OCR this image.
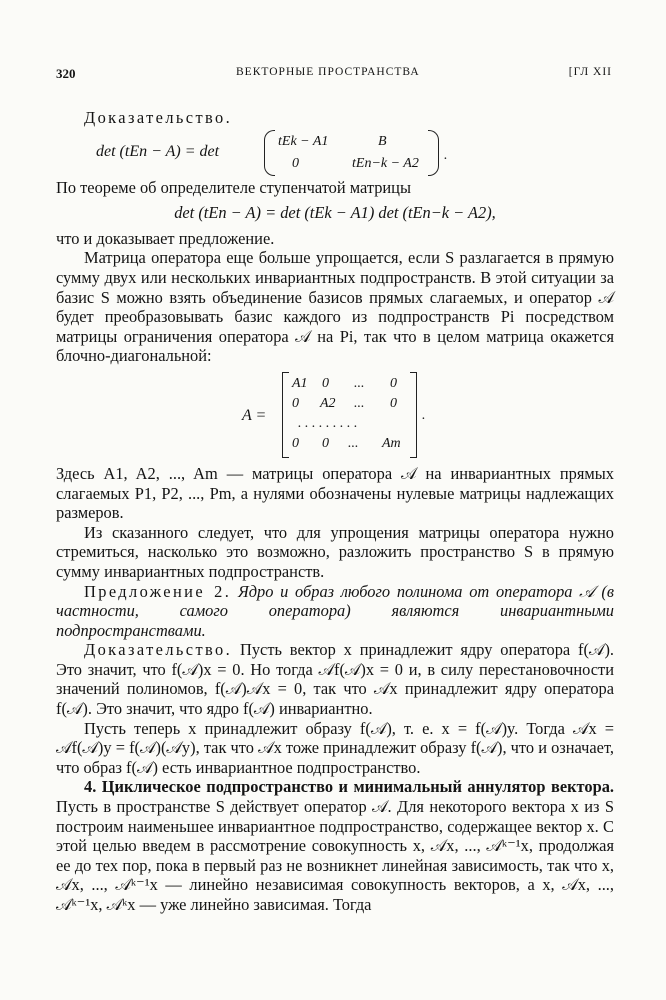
320	ВЕКТОРНЫЕ ПРОСТРАНСТВА	[ГЛ XII

Доказательство.

det (tEn − A) = det
tEk − A1	B
0	tEn−k − A2
.

По теореме об определителе ступенчатой матрицы

det (tEn − A) = det (tEk − A1) det (tEn−k − A2),

что и доказывает предложение.

Матрица оператора еще больше упрощается, если S разлагается в прямую сумму двух или нескольких инвариантных подпространств. В этой ситуации за базис S можно взять объединение базисов прямых слагаемых, и оператор 𝒜 будет преобразовывать базис каждого из подпространств Pi посредством матрицы ограничения оператора 𝒜 на Pi, так что в целом матрица окажется блочно-диагональной:

A =
A1 0 ... 0
0 A2 ... 0
. . . . . . . . .
0 0 ... Am
.

Здесь A1, A2, ..., Am — матрицы оператора 𝒜 на инвариантных прямых слагаемых P1, P2, ..., Pm, а нулями обозначены нулевые матрицы надлежащих размеров.

Из сказанного следует, что для упрощения матрицы оператора нужно стремиться, насколько это возможно, разложить пространство S в прямую сумму инвариантных подпространств.

Предложение 2. Ядро и образ любого полинома от оператора 𝒜 (в частности, самого оператора) являются инвариантными подпространствами.

Доказательство. Пусть вектор x принадлежит ядру оператора f(𝒜). Это значит, что f(𝒜)x = 0. Но тогда 𝒜f(𝒜)x = 0 и, в силу перестановочности значений полиномов, f(𝒜)𝒜x = 0, так что 𝒜x принадлежит ядру оператора f(𝒜). Это значит, что ядро f(𝒜) инвариантно.

Пусть теперь x принадлежит образу f(𝒜), т. е. x = f(𝒜)y. Тогда 𝒜x = 𝒜f(𝒜)y = f(𝒜)(𝒜y), так что 𝒜x тоже принадлежит образу f(𝒜), что и означает, что образ f(𝒜) есть инвариантное подпространство.

4. Циклическое подпространство и минимальный аннулятор вектора. Пусть в пространстве S действует оператор 𝒜. Для некоторого вектора x из S построим наименьшее инвариантное подпространство, содержащее вектор x. С этой целью введем в рассмотрение совокупность x, 𝒜x, ..., 𝒜ᵏ⁻¹x, продолжая ее до тех пор, пока в первый раз не возникнет линейная зависимость, так что x, 𝒜x, ..., 𝒜ᵏ⁻¹x — линейно независимая совокупность векторов, а x, 𝒜x, ..., 𝒜ᵏ⁻¹x, 𝒜ᵏx — уже линейно зависимая. Тогда
